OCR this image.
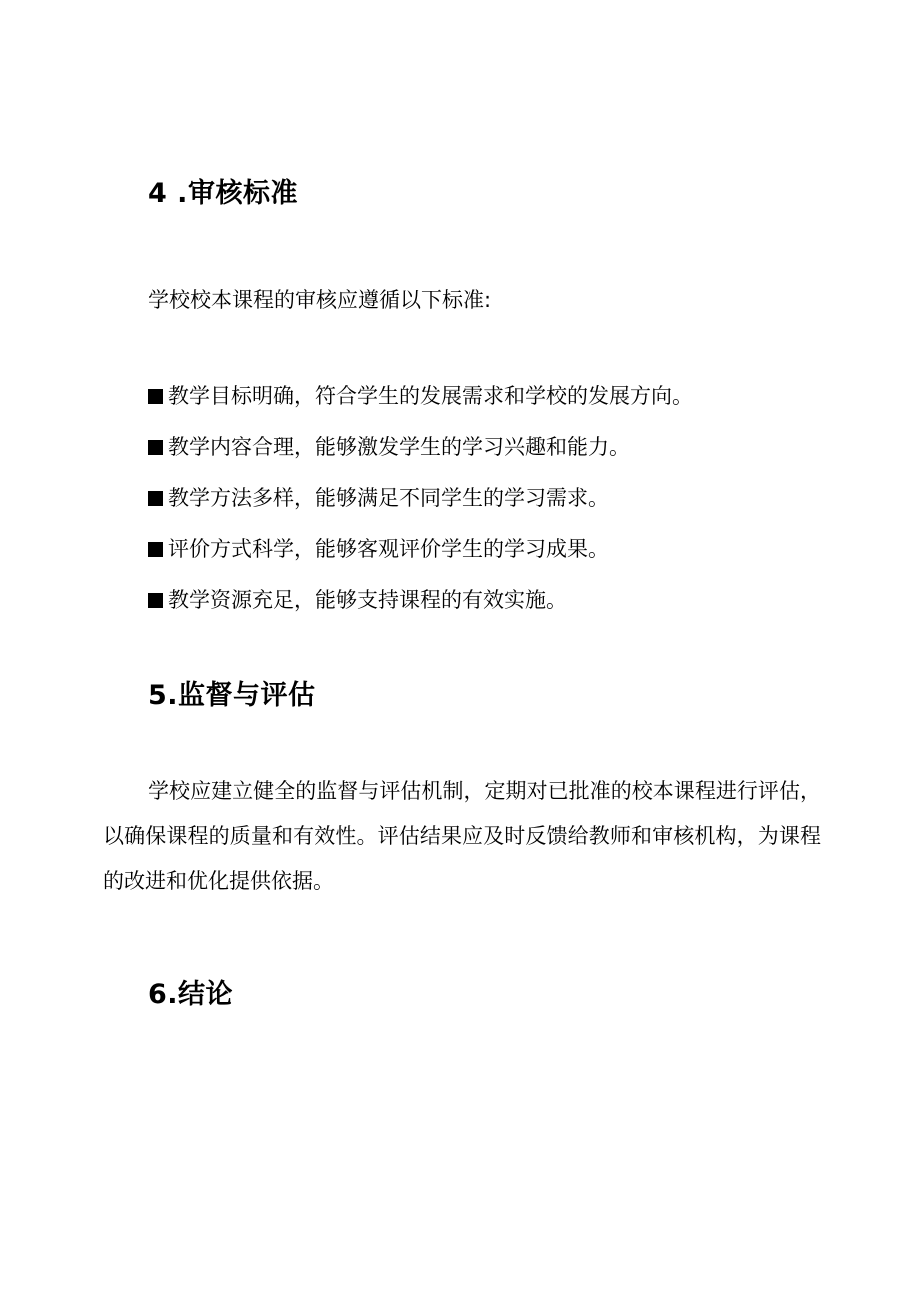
4 .审核标准

学校校本课程的审核应遵循以下标准:

教学目标明确，符合学生的发展需求和学校的发展方向。
教学内容合理，能够激发学生的学习兴趣和能力。
教学方法多样，能够满足不同学生的学习需求。
评价方式科学，能够客观评价学生的学习成果。
教学资源充足，能够支持课程的有效实施。
5.监督与评估

学校应建立健全的监督与评估机制，定期对已批准的校本课程进行评估，以确保课程的质量和有效性。评估结果应及时反馈给教师和审核机构，为课程的改进和优化提供依据。

6.结论
